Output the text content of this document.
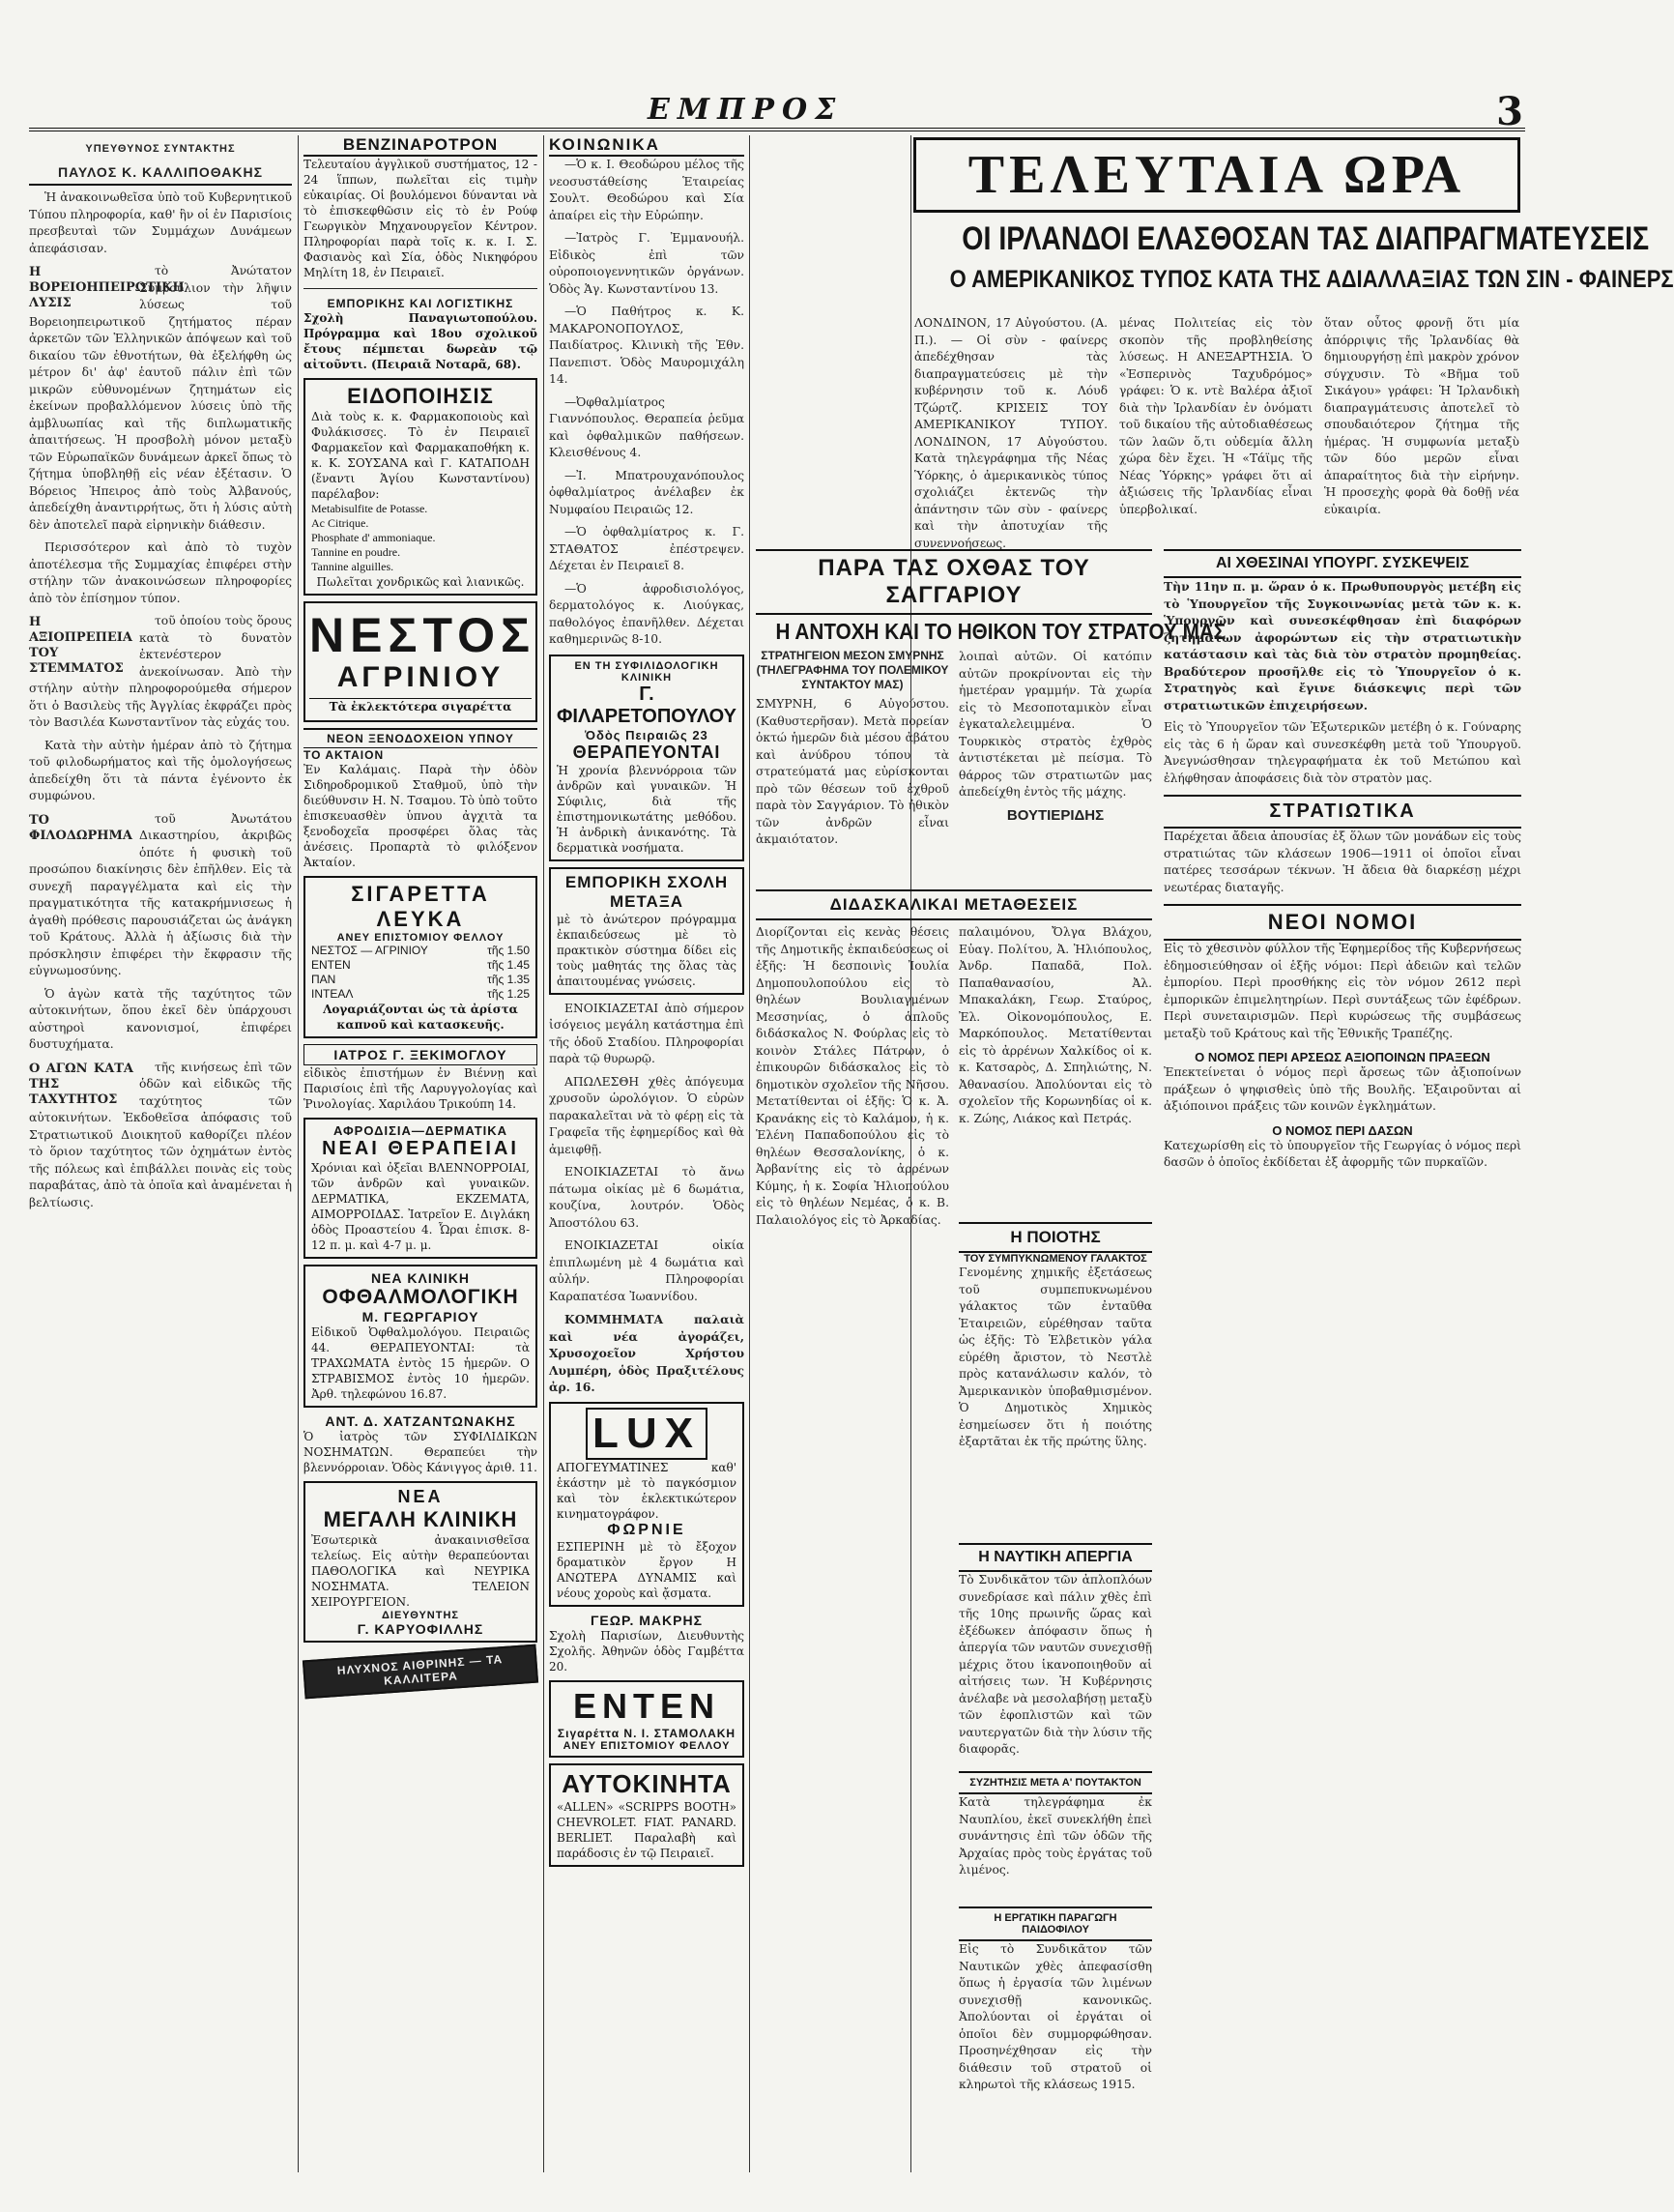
ΕΜΠΡΟΣ	3
ΥΠΕΥΘΥΝΟΣ ΣΥΝΤΑΚΤΗΣ
ΠΑΥΛΟΣ Κ. ΚΑΛΛΙΠΟΘΑΚΗΣ

Ἡ ἀνακοινωθεῖσα ὑπὸ τοῦ Κυβερνητικοῦ Τύπου πληροφορία, καθ' ἣν οἱ ἐν Παρισίοις πρεσβευταὶ τῶν Συμμάχων Δυνάμεων ἀπεφάσισαν.

Η ΒΟΡΕΙΟΗΠΕΙΡΩΤΙΚΗ ΛΥΣΙΣ

τὸ Ἀνώτατον Συμβούλιον τὴν λῆψιν λύσεως τοῦ Βορειοηπειρωτικοῦ ζητήματος πέραν ἀρκετῶν τῶν Ἑλληνικῶν ἀπόψεων καὶ τοῦ δικαίου τῶν ἐθνοτήτων, θὰ ἐξελήφθη ὡς μέτρον δι' ἀφ' ἑαυτοῦ πάλιν ἐπὶ τῶν μικρῶν εὐθυνομένων ζητημάτων εἰς ἐκείνων προβαλλόμενον λύσεις ὑπὸ τῆς ἀμβλυωπίας καὶ τῆς διπλωματικῆς ἀπαιτήσεως. Ἡ προσβολὴ μόνον μεταξὺ τῶν Εὐρωπαϊκῶν δυνάμεων ἀρκεῖ ὅπως τὸ ζήτημα ὑποβληθῇ εἰς νέαν ἐξέτασιν. Ὁ Βόρειος Ἠπειρος ἀπὸ τοὺς Ἀλβανούς, ἀπεδείχθη ἀναντιρρήτως, ὅτι ἡ λύσις αὐτὴ δὲν ἀποτελεῖ παρὰ εἰρηνικὴν διάθεσιν.

Περισσότερον καὶ ἀπὸ τὸ τυχὸν ἀποτέλεσμα τῆς Συμμαχίας ἐπιφέρει στὴν στήλην τῶν ἀνακοινώσεων πληροφορίες ἀπὸ τὸν ἐπίσημον τύπον.

Η ΑΞΙΟΠΡΕΠΕΙΑ ΤΟΥ ΣΤΕΜΜΑΤΟΣ

τοῦ ὁποίου τοὺς ὅρους κατὰ τὸ δυνατὸν ἐκτενέστερον ἀνεκοίνωσαν. Ἀπὸ τὴν στήλην αὐτὴν πληροφορούμεθα σήμερον ὅτι ὁ Βασιλεὺς τῆς Ἀγγλίας ἐκφράζει πρὸς τὸν Βασιλέα Κωνσταντῖνον τὰς εὐχάς του.

Κατὰ τὴν αὐτὴν ἡμέραν ἀπὸ τὸ ζήτημα τοῦ φιλοδωρήματος καὶ τῆς ὁμολογήσεως ἀπεδείχθη ὅτι τὰ πάντα ἐγένοντο ἐκ συμφώνου.

ΤΟ ΦΙΛΟΔΩΡΗΜΑ

τοῦ Ἀνωτάτου Δικαστηρίου, ἀκριβῶς ὁπότε ἡ φυσικὴ τοῦ προσώπου διακίνησις δὲν ἐπῆλθεν. Εἰς τὰ συνεχῆ παραγγέλματα καὶ εἰς τὴν πραγματικότητα τῆς κατακρήμνισεως ἡ ἀγαθὴ πρόθεσις παρουσιάζεται ὡς ἀνάγκη τοῦ Κράτους. Ἀλλὰ ἡ ἀξίωσις διὰ τὴν πρόσκλησιν ἐπιφέρει τὴν ἔκφρασιν τῆς εὐγνωμοσύνης.

Ὁ ἀγὼν κατὰ τῆς ταχύτητος τῶν αὐτοκινήτων, ὅπου ἐκεῖ δὲν ὑπάρχουσι αὐστηροὶ κανονισμοί, ἐπιφέρει δυστυχήματα.

Ο ΑΓΩΝ ΚΑΤΑ ΤΗΣ ΤΑΧΥΤΗΤΟΣ

τῆς κινήσεως ἐπὶ τῶν ὁδῶν καὶ εἰδικῶς τῆς ταχύτητος τῶν αὐτοκινήτων. Ἐκδοθεῖσα ἀπόφασις τοῦ Στρατιωτικοῦ Διοικητοῦ καθορίζει πλέον τὸ ὅριον ταχύτητος τῶν ὀχημάτων ἐντὸς τῆς πόλεως καὶ ἐπιβάλλει ποινὰς εἰς τοὺς παραβάτας, ἀπὸ τὰ ὁποῖα καὶ ἀναμένεται ἡ βελτίωσις.

ΒΕΝΖΙΝΑΡΟΤΡΟΝ
Τελευταίου ἀγγλικοῦ συστήματος, 12 - 24 ἵππων, πωλεῖται εἰς τιμὴν εὐκαιρίας. Οἱ βουλόμενοι δύνανται νὰ τὸ ἐπισκεφθῶσιν εἰς τὸ ἐν Ρούφ Γεωργικὸν Μηχανουργεῖον Κέντρον. Πληροφορίαι παρὰ τοῖς κ. κ. Ι. Σ. Φασιανὸς καὶ Σία, ὁδὸς Νικηφόρου Μηλίτη 18, ἐν Πειραιεῖ.
ΕΜΠΟΡΙΚΗΣ ΚΑΙ ΛΟΓΙΣΤΙΚΗΣ
Σχολὴ Παναγιωτοπούλου. Πρόγραμμα καὶ 18ου σχολικοῦ ἔτους πέμπεται δωρεὰν τῷ αἰτοῦντι. (Πειραιᾶ Νοταρᾶ, 68).
ΕΙΔΟΠΟΙΗΣΙΣ
Διὰ τοὺς κ. κ. Φαρμακοποιοὺς καὶ Φυλάκισσες. Τὸ ἐν Πειραιεῖ Φαρμακεῖον καὶ Φαρμακαποθήκη κ. κ. Κ. ΣΟΥΣΑΝΑ καὶ Γ. ΚΑΤΑΠΟΔΗ (ἔναντι Ἁγίου Κωνσταντίνου) παρέλαβον:
Metabisulfite de Potasse.
Ac Citrique.
Phosphate d' ammoniaque.
Tannine en poudre.
Tannine alguilles.
Πωλεῖται χονδρικῶς καὶ λιανικῶς.
ΝΕΣΤΟΣ
ΑΓΡΙΝΙΟΥ
Τὰ ἐκλεκτότερα σιγαρέττα
ΝΕΟΝ ΞΕΝΟΔΟΧΕΙΟΝ ΥΠΝΟΥ
ΤΟ ΑΚΤΑΙΟΝ
Ἐν Καλάμαις. Παρὰ τὴν ὁδὸν Σιδηροδρομικοῦ Σταθμοῦ, ὑπὸ τὴν διεύθυνσιν Η. Ν. Τσαμου. Τὸ ὑπὸ τοῦτο ἐπισκευασθὲν ὑπνου ἀγχιτὰ τα ξενοδοχεῖα προσφέρει ὅλας τὰς ἀνέσεις. Προπαρτὰ τὸ φιλόξενον Ἀκταίον.
ΣΙΓΑΡΕΤΤΑ ΛΕΥΚΑ
ΑΝΕΥ ΕΠΙΣΤΟΜΙΟΥ ΦΕΛΛΟΥ
ΝΕΣΤΟΣ — ΑΓΡΙΝΙΟΥ	τῆς 1.50
ΕΝΤΕΝ	τῆς 1.45
ΠΑΝ	τῆς 1.35
ΙΝΤΕΑΛ	τῆς 1.25
Λογαριάζονται ὡς τὰ ἀρίστα καπνοῦ καὶ κατασκευῆς.
ΙΑΤΡΟΣ Γ. ΞΕΚΙΜΟΓΛΟΥ
εἰδικὸς ἐπιστήμων ἐν Βιέννῃ καὶ Παρισίοις ἐπὶ τῆς Λαρυγγολογίας καὶ Ῥινολογίας. Χαριλάου Τρικούπη 14.
ΑΦΡΟΔΙΣΙΑ—ΔΕΡΜΑΤΙΚΑ
ΝΕΑΙ ΘΕΡΑΠΕΙΑΙ
Χρόνιαι καὶ ὀξεῖαι ΒΛΕΝΝΟΡΡΟΙΑΙ, τῶν ἀνδρῶν καὶ γυναικῶν. ΔΕΡΜΑΤΙΚΑ, ΕΚΖΕΜΑΤΑ, ΑΙΜΟΡΡΟΙΔΑΣ. Ἰατρεῖον Ε. Διγλάκη ὁδὸς Προαστείου 4. Ὧραι ἐπισκ. 8-12 π. μ. καὶ 4-7 μ. μ.
ΝΕΑ ΚΛΙΝΙΚΗ
ΟΦΘΑΛΜΟΛΟΓΙΚΗ
Μ. ΓΕΩΡΓΑΡΙΟΥ
Εἰδικοῦ Ὀφθαλμολόγου. Πειραιῶς 44. ΘΕΡΑΠΕΥΟΝΤΑΙ: τὰ ΤΡΑΧΩΜΑΤΑ ἐντὸς 15 ἡμερῶν. Ο ΣΤΡΑΒΙΣΜΟΣ ἐντὸς 10 ἡμερῶν. Ἀρθ. τηλεφώνου 16.87.
ΑΝΤ. Δ. ΧΑΤΖΑΝΤΩΝΑΚΗΣ
Ὁ ἰατρὸς τῶν ΣΥΦΙΛΙΔΙΚΩΝ ΝΟΣΗΜΑΤΩΝ. Θεραπεύει τὴν βλεννόρροιαν. Ὁδὸς Κάνιγγος ἀριθ. 11.
ΝΕΑ
ΜΕΓΑΛΗ ΚΛΙΝΙΚΗ
Ἐσωτερικὰ ἀνακαινισθεῖσα τελείως. Εἰς αὐτὴν θεραπεύονται ΠΑΘΟΛΟΓΙΚΑ καὶ ΝΕΥΡΙΚΑ ΝΟΣΗΜΑΤΑ. ΤΕΛΕΙΟΝ ΧΕΙΡΟΥΡΓΕΙΟΝ.
ΔΙΕΥΘΥΝΤΗΣ
Γ. ΚΑΡΥΟΦΙΛΛΗΣ
ΗΛΥΧΝΟΣ ΑΙΘΡΙΝΗΣ — ΤΑ ΚΑΛΛΙΤΕΡΑ
ΚΟΙΝΩΝΙΚΑ

—Ὁ κ. Ι. Θεοδώρου μέλος τῆς νεοσυστάθείσης Ἑταιρείας Σουλτ. Θεοδώρου καὶ Σία ἀπαίρει εἰς τὴν Εὐρώπην.

—Ἰατρὸς Γ. Ἐμμανουήλ. Εἰδικὸς ἐπὶ τῶν οὐροποιογεννητικῶν ὀργάνων. Ὁδὸς Ἁγ. Κωνσταντίνου 13.

—Ὁ Παθήτρος κ. Κ. ΜΑΚΑΡΟΝΟΠΟΥΛΟΣ, Παιδίατρος. Κλινικὴ τῆς Ἐθν. Πανεπιστ. Ὁδὸς Μαυρομιχάλη 14.

—Ὀφθαλμίατρος Γιαννόπουλος. Θεραπεία ῥεῦμα καὶ ὀφθαλμικῶν παθήσεων. Κλεισθένους 4.

—Ἰ. Μπατρουχανόπουλος ὀφθαλμίατρος ἀνέλαβεν ἐκ Νυμφαίου Πειραιῶς 12.

—Ὁ ὀφθαλμίατρος κ. Γ. ΣΤΑΘΑΤΟΣ ἐπέστρεψεν. Δέχεται ἐν Πειραιεῖ 8.

—Ὁ ἀφροδισιολόγος, δερματολόγος κ. Λιούγκας, παθολόγος ἐπανῆλθεν. Δέχεται καθημερινῶς 8-10.

ΕΝ ΤΗ ΣΥΦΙΛΙΔΟΛΟΓΙΚΗ ΚΛΙΝΙΚΗ
Γ. ΦΙΛΑΡΕΤΟΠΟΥΛΟΥ
Ὁδὸς Πειραιῶς 23
ΘΕΡΑΠΕΥΟΝΤΑΙ
Ἡ χρονία βλεννόρροια τῶν ἀνδρῶν καὶ γυναικῶν. Ἡ Σύφιλις, διὰ τῆς ἐπιστημονικωτάτης μεθόδου. Ἡ ἀνδρικὴ ἀνικανότης. Τὰ δερματικὰ νοσήματα.
ΕΜΠΟΡΙΚΗ ΣΧΟΛΗ ΜΕΤΑΞΑ
μὲ τὸ ἀνώτερον πρόγραμμα ἐκπαιδεύσεως μὲ τὸ πρακτικὸν σύστημα δίδει εἰς τοὺς μαθητάς της ὅλας τὰς ἀπαιτουμένας γνώσεις.

ΕΝΟΙΚΙΑΖΕΤΑΙ ἀπὸ σήμερον ἰσόγειος μεγάλη κατάστημα ἐπὶ τῆς ὁδοῦ Σταδίου. Πληροφορίαι παρὰ τῷ θυρωρῷ.

ΑΠΩΛΕΣΘΗ χθὲς ἀπόγευμα χρυσοῦν ὡρολόγιον. Ὁ εὑρὼν παρακαλεῖται νὰ τὸ φέρῃ εἰς τὰ Γραφεῖα τῆς ἐφημερίδος καὶ θὰ ἀμειφθῇ.

ΕΝΟΙΚΙΑΖΕΤΑΙ τὸ ἄνω πάτωμα οἰκίας μὲ 6 δωμάτια, κουζίνα, λουτρόν. Ὁδὸς Ἀποστόλου 63.

ΕΝΟΙΚΙΑΖΕΤΑΙ οἰκία ἐπιπλωμένη μὲ 4 δωμάτια καὶ αὐλήν. Πληροφορίαι Καραπατέσα Ἰωαννίδου.

ΚΟΜΜΗΜΑΤΑ παλαιὰ καὶ νέα ἀγοράζει, Χρυσοχοεῖον Χρήστου Λυμπέρη, ὁδὸς Πραξιτέλους ἀρ. 16.

LUX
ΑΠΟΓΕΥΜΑΤΙΝΕΣ καθ' ἑκάστην μὲ τὸ παγκόσμιον καὶ τὸν ἑκλεκτικώτερον κινηματογράφον.
ΦΩΡΝΙΕ
ΕΣΠΕΡΙΝΗ μὲ τὸ ἔξοχον δραματικὸν ἔργον Η ΑΝΩΤΕΡΑ ΔΥΝΑΜΙΣ καὶ νέους χοροὺς καὶ ᾄσματα.
ΓΕΩΡ. ΜΑΚΡΗΣ
Σχολὴ Παρισίων, Διευθυντὴς Σχολῆς. Ἀθηνῶν ὁδὸς Γαμβέττα 20.
ΕΝΤΕΝ
Σιγαρέττα Ν. Ι. ΣΤΑΜΟΛΑΚΗ
ΑΝΕΥ ΕΠΙΣΤΟΜΙΟΥ ΦΕΛΛΟΥ
ΑΥΤΟΚΙΝΗΤΑ
«ALLEN» «SCRIPPS BOOTH» CHEVROLET. FIAT. PANARD. BERLIET. Παραλαβὴ καὶ παράδοσις ἐν τῷ Πειραιεῖ.
ΤΕΛΕΥΤΑΙΑ ΩΡΑ
ΟΙ ΙΡΛΑΝΔΟΙ ΕΛΑΣΘΟΣΑΝ ΤΑΣ ΔΙΑΠΡΑΓΜΑΤΕΥΣΕΙΣ
Ο ΑΜΕΡΙΚΑΝΙΚΟΣ ΤΥΠΟΣ ΚΑΤΑ ΤΗΣ ΑΔΙΑΛΛΑΞΙΑΣ ΤΩΝ ΣΙΝ - ΦΑΙΝΕΡΣ
ΛΟΝΔΙΝΟΝ, 17 Αὐγούστου. (Α. Π.). — Οἱ σὺν - φαίνερς ἀπεδέχθησαν τὰς διαπραγματεύσεις μὲ τὴν κυβέρνησιν τοῦ κ. Λόυδ Τζώρτζ. ΚΡΙΣΕΙΣ ΤΟΥ ΑΜΕΡΙΚΑΝΙΚΟΥ ΤΥΠΟΥ. ΛΟΝΔΙΝΟΝ, 17 Αὐγούστου. Κατὰ τηλεγράφημα τῆς Νέας Ὑόρκης, ὁ ἀμερικανικὸς τύπος σχολιάζει ἐκτενῶς τὴν ἀπάντησιν τῶν σὺν - φαίνερς καὶ τὴν ἀποτυχίαν τῆς συνεννοήσεως.
μένας Πολιτείας εἰς τὸν σκοπὸν τῆς προβληθείσης λύσεως. Η ΑΝΕΞΑΡΤΗΣΙΑ. Ὁ «Ἑσπερινὸς Ταχυδρόμος» γράφει: Ὁ κ. ντὲ Βαλέρα ἀξιοῖ διὰ τὴν Ἰρλανδίαν ἐν ὀνόματι τοῦ δικαίου τῆς αὐτοδιαθέσεως τῶν λαῶν ὅ,τι οὐδεμία ἄλλη χώρα δὲν ἔχει. Ἡ «Τάϊμς τῆς Νέας Ὑόρκης» γράφει ὅτι αἱ ἀξιώσεις τῆς Ἰρλανδίας εἶναι ὑπερβολικαί.
ὅταν οὗτος φρονῇ ὅτι μία ἀπόρριψις τῆς Ἰρλανδίας θὰ δημιουργήσῃ ἐπὶ μακρὸν χρόνον σύγχυσιν. Τὸ «Βῆμα τοῦ Σικάγου» γράφει: Ἡ Ἰρλανδικὴ διαπραγμάτευσις ἀποτελεῖ τὸ σπουδαιότερον ζήτημα τῆς ἡμέρας. Ἡ συμφωνία μεταξὺ τῶν δύο μερῶν εἶναι ἀπαραίτητος διὰ τὴν εἰρήνην. Ἡ προσεχὴς φορὰ θὰ δοθῇ νέα εὐκαιρία.
ΠΑΡΑ ΤΑΣ ΟΧΘΑΣ ΤΟΥ ΣΑΓΓΑΡΙΟΥ
Η ΑΝΤΟΧΗ ΚΑΙ ΤΟ ΗΘΙΚΟΝ ΤΟΥ ΣΤΡΑΤΟΥ ΜΑΣ
ΣΤΡΑΤΗΓΕΙΟΝ ΜΕΣΟΝ ΣΜΥΡΝΗΣ (ΤΗΛΕΓΡΑΦΗΜΑ ΤΟΥ ΠΟΛΕΜΙΚΟΥ ΣΥΝΤΑΚΤΟΥ ΜΑΣ)
ΣΜΥΡΝΗ, 6 Αὐγούστου. (Καθυστερῆσαν). Μετὰ πορείαν ὀκτώ ἡμερῶν διὰ μέσου ἀβάτου καὶ ἀνύδρου τόπου τὰ στρατεύματά μας εὐρίσκονται πρὸ τῶν θέσεων τοῦ ἐχθροῦ παρὰ τὸν Σαγγάριον. Τὸ ἠθικὸν τῶν ἀνδρῶν εἶναι ἀκμαιότατον.
λοιπαὶ αὐτῶν. Οἱ κατόπιν αὐτῶν προκρίνονται εἰς τὴν ἡμετέραν γραμμήν. Τὰ χωρία εἰς τὸ Μεσοποταμικὸν εἶναι ἐγκαταλελειμμένα. Ὁ Τουρκικὸς στρατὸς ἐχθρὸς ἀντιστέκεται μὲ πείσμα. Τὸ θάρρος τῶν στρατιωτῶν μας ἀπεδείχθη ἐντὸς τῆς μάχης.
ΒΟΥΤΙΕΡΙΔΗΣ
ΔΙΔΑΣΚΑΛΙΚΑΙ ΜΕΤΑΘΕΣΕΙΣ
Διορίζονται εἰς κενὰς θέσεις τῆς Δημοτικῆς ἐκπαιδεύσεως οἱ ἑξῆς: Ἡ δεσποινὶς Ἰουλία Δημοπουλοπούλου εἰς τὸ θηλέων Βουλιαγμένων Μεσσηνίας, ὁ ἁπλοῦς διδάσκαλος Ν. Φούρλας εἰς τὸ κοινὸν Στάλες Πάτρων, ὁ ἐπικουρῶν διδάσκαλος εἰς τὸ δημοτικὸν σχολεῖον τῆς Νῆσου. Μετατίθενται οἱ ἑξῆς: Ὁ κ. Ἀ. Κρανάκης εἰς τὸ Καλάμου, ἡ κ. Ἑλένη Παπαδοπούλου εἰς τὸ θηλέων Θεσσαλονίκης, ὁ κ. Ἀρβανίτης εἰς τὸ ἀρρένων Κύμης, ἡ κ. Σοφία Ἠλιοπούλου εἰς τὸ θηλέων Νεμέας, ὁ κ. Β. Παλαιολόγος εἰς τὸ Ἀρκαδίας.
παλαιμόνου, Ὄλγα Βλάχου, Εὐαγ. Πολίτου, Ἀ. Ἠλιόπουλος, Ἀνδρ. Παπαδᾶ, Πολ. Παπαθανασίου, Ἀλ. Μπακαλάκη, Γεωρ. Σταύρος, Ἐλ. Οἰκονομόπουλος, Ε. Μαρκόπουλος. Μετατίθενται εἰς τὸ ἀρρένων Χαλκίδος οἱ κ. κ. Κατσαρὸς, Δ. Σπηλιώτης, Ν. Ἀθανασίου. Ἀπολύονται εἰς τὸ σχολεῖον τῆς Κορωνηδίας οἱ κ. κ. Ζώης, Λιάκος καὶ Πετράς.
Η ΠΟΙΟΤΗΣ
ΤΟΥ ΣΥΜΠΥΚΝΩΜΕΝΟΥ ΓΑΛΑΚΤΟΣ
Γενομένης χημικῆς ἐξετάσεως τοῦ συμπεπυκνωμένου γάλακτος τῶν ἐνταῦθα Ἑταιρειῶν, εὑρέθησαν ταῦτα ὡς ἑξῆς: Τὸ Ἑλβετικὸν γάλα εὑρέθη ἄριστον, τὸ Νεστλὲ πρὸς κατανάλωσιν καλόν, τὸ Ἀμερικανικὸν ὑποβαθμισμένον. Ὁ Δημοτικὸς Χημικὸς ἐσημείωσεν ὅτι ἡ ποιότης ἐξαρτᾶται ἐκ τῆς πρώτης ὕλης.
Η ΝΑΥΤΙΚΗ ΑΠΕΡΓΙΑ
Τὸ Συνδικᾶτον τῶν ἀπλοπλόων συνεδρίασε καὶ πάλιν χθὲς ἐπὶ τῆς 10ης πρωινῆς ὥρας καὶ ἐξέδωκεν ἀπόφασιν ὅπως ἡ ἀπεργία τῶν ναυτῶν συνεχισθῇ μέχρις ὅτου ἱκανοποιηθοῦν αἱ αἰτήσεις των. Ἡ Κυβέρνησις ἀνέλαβε νὰ μεσολαβήσῃ μεταξὺ τῶν ἐφοπλιστῶν καὶ τῶν ναυτεργατῶν διὰ τὴν λύσιν τῆς διαφορᾶς.
ΣΥΖΗΤΗΣΙΣ ΜΕΤΑ Α' ΠΟΥΤΑΚΤΟΝ
Κατὰ τηλεγράφημα ἐκ Ναυπλίου, ἐκεῖ συνεκλήθη ἐπεὶ συνάντησις ἐπὶ τῶν ὁδῶν τῆς Ἀρχαίας πρὸς τοὺς ἐργάτας τοῦ λιμένος.
Η ΕΡΓΑΤΙΚΗ ΠΑΡΑΓΩΓΗ ΠΑΙΔΟΦΙΛΟΥ
Εἰς τὸ Συνδικᾶτον τῶν Ναυτικῶν χθὲς ἀπεφασίσθη ὅπως ἡ ἐργασία τῶν λιμένων συνεχισθῇ κανονικῶς. Ἀπολύονται οἱ ἐργάται οἱ ὁποῖοι δὲν συμμορφώθησαν. Προσηνέχθησαν εἰς τὴν διάθεσιν τοῦ στρατοῦ οἱ κληρωτοὶ τῆς κλάσεως 1915.
ΑΙ ΧΘΕΣΙΝΑΙ ΥΠΟΥΡΓ. ΣΥΣΚΕΨΕΙΣ
Τὴν 11ην π. μ. ὥραν ὁ κ. Πρωθυπουργὸς μετέβη εἰς τὸ Ὑπουργεῖον τῆς Συγκοινωνίας μετὰ τῶν κ. κ. Ὑπουργῶν καὶ συνεσκέφθησαν ἐπὶ διαφόρων ζητημάτων ἀφορώντων εἰς τὴν στρατιωτικὴν κατάστασιν καὶ τὰς διὰ τὸν στρατὸν προμηθείας. Βραδύτερον προσῆλθε εἰς τὸ Ὑπουργεῖον ὁ κ. Στρατηγὸς καὶ ἔγινε διάσκεψις περὶ τῶν στρατιωτικῶν ἐπιχειρήσεων.
Εἰς τὸ Ὑπουργεῖον τῶν Ἐξωτερικῶν μετέβη ὁ κ. Γούναρης εἰς τὰς 6 ἡ ὥραν καὶ συνεσκέφθη μετὰ τοῦ Ὑπουργοῦ. Ἀνεγνώσθησαν τηλεγραφήματα ἐκ τοῦ Μετώπου καὶ ἐλήφθησαν ἀποφάσεις διὰ τὸν στρατὸν μας.
ΣΤΡΑΤΙΩΤΙΚΑ
Παρέχεται ἄδεια ἀπουσίας ἐξ ὅλων τῶν μονάδων εἰς τοὺς στρατιώτας τῶν κλάσεων 1906—1911 οἱ ὁποῖοι εἶναι πατέρες τεσσάρων τέκνων. Ἡ ἄδεια θὰ διαρκέσῃ μέχρι νεωτέρας διαταγῆς.
ΝΕΟΙ ΝΟΜΟΙ
Εἰς τὸ χθεσινὸν φύλλον τῆς Ἐφημερίδος τῆς Κυβερνήσεως ἐδημοσιεύθησαν οἱ ἑξῆς νόμοι: Περὶ ἀδειῶν καὶ τελῶν ἐμπορίου. Περὶ προσθήκης εἰς τὸν νόμον 2612 περὶ ἐμπορικῶν ἐπιμελητηρίων. Περὶ συντάξεως τῶν ἐφέδρων. Περὶ συνεταιρισμῶν. Περὶ κυρώσεως τῆς συμβάσεως μεταξὺ τοῦ Κράτους καὶ τῆς Ἐθνικῆς Τραπέζης.
Ο ΝΟΜΟΣ ΠΕΡΙ ΑΡΣΕΩΣ ΑΞΙΟΠΟΙΝΩΝ ΠΡΑΞΕΩΝ
Ἐπεκτείνεται ὁ νόμος περὶ ἄρσεως τῶν ἀξιοποίνων πράξεων ὁ ψηφισθεὶς ὑπὸ τῆς Βουλῆς. Ἐξαιροῦνται αἱ ἀξιόποινοι πράξεις τῶν κοινῶν ἐγκλημάτων.
Ο ΝΟΜΟΣ ΠΕΡΙ ΔΑΣΩΝ
Κατεχωρίσθη εἰς τὸ ὑπουργεῖον τῆς Γεωργίας ὁ νόμος περὶ δασῶν ὁ ὁποῖος ἐκδίδεται ἐξ ἀφορμῆς τῶν πυρκαϊῶν.
